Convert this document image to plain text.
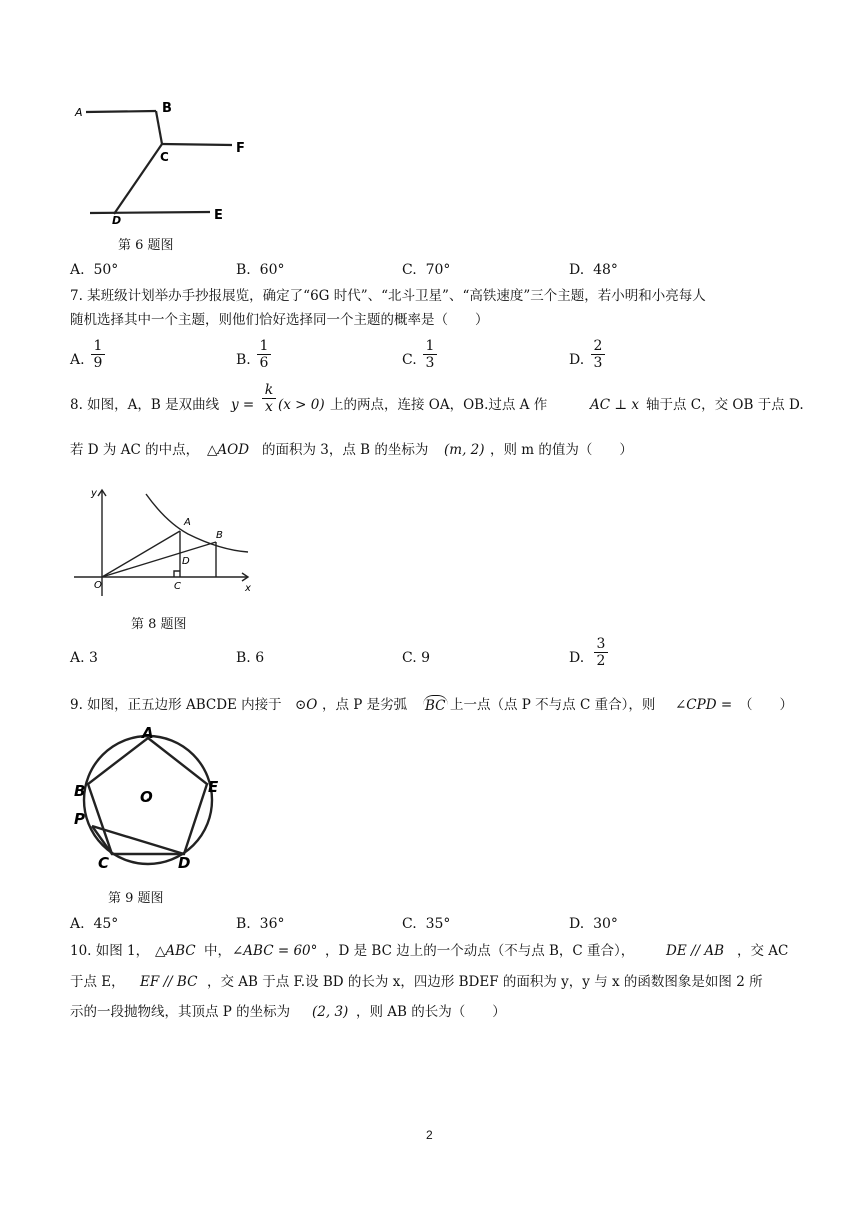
A	B
C
F
D	E
第 6 题图
A. 50°	B. 60°	C. 70°	D. 48°
7. 某班级计划举办手抄报展览，确定了“6G 时代”、“北斗卫星”、“高铁速度”三个主题，若小明和小亮每人
随机选择其中一个主题，则他们恰好选择同一个主题的概率是（　　）
A. $\frac{1}{9}$	B. $\frac{1}{6}$	C. $\frac{1}{3}$	D. $\frac{2}{3}$
8. 如图，A，B 是双曲线 $y = \frac{k}{x} (x > 0)$ 上的两点，连接 OA，OB.过点 A 作	AC ⊥ x 轴于点 C，交 OB 于点 D.
若 D 为 AC 的中点， △AOD 的面积为 3，点 B 的坐标为 (m, 2) ，则 m 的值为（　　）
y
x
O
A
B
C
D
第 8 题图
A. 3	B. 6	C. 9	D. $\frac{3}{2}$
9. 如图，正五边形 ABCDE 内接于 ⊙O ，点 P 是劣弧 BC 上一点（点 P 不与点 C 重合），则 ∠CPD = （　　）
A
B	E
O
P
C	D
第 9 题图
A. 45°	B. 36°	C. 35°	D. 30°
10. 如图 1， △ABC 中， ∠ABC = 60° ，D 是 BC 边上的一个动点（不与点 B，C 重合）， DE // AB ，交 AC
于点 E， EF // BC ，交 AB 于点 F.设 BD 的长为 x，四边形 BDEF 的面积为 y，y 与 x 的函数图象是如图 2 所
示的一段抛物线，其顶点 P 的坐标为 (2, 3) ，则 AB 的长为（　　）
2
